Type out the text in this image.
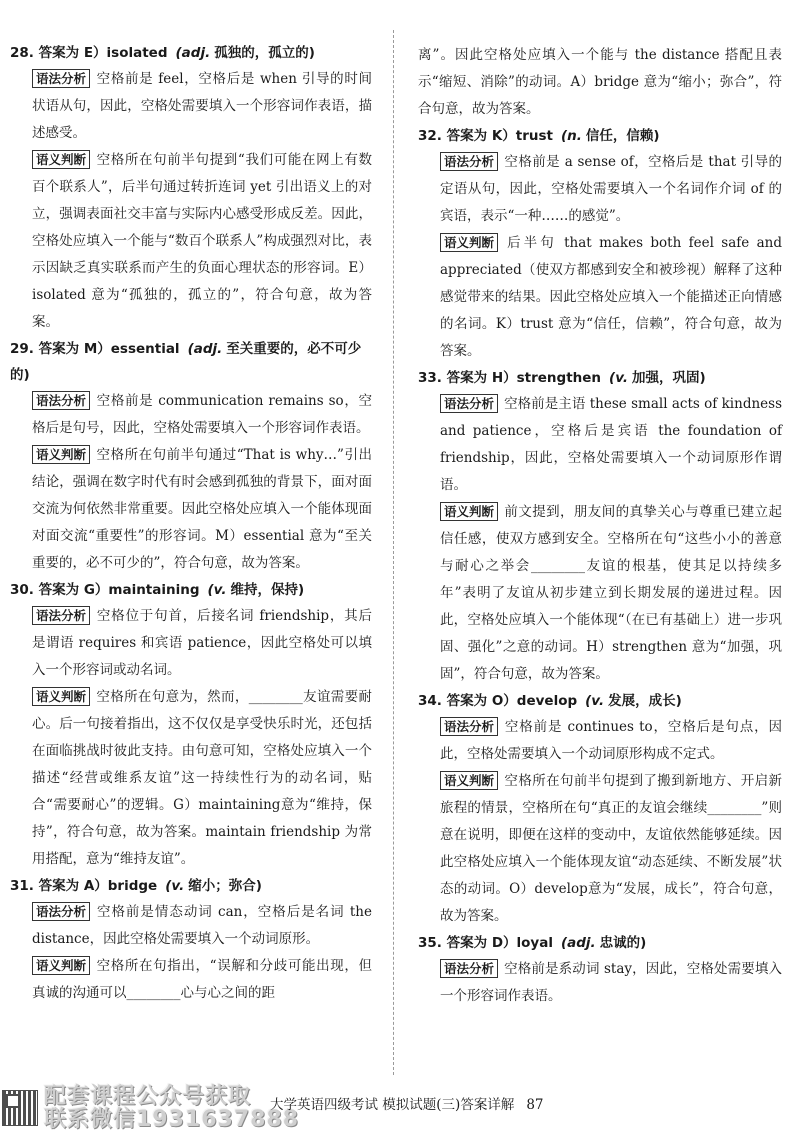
28. 答案为 E）isolated (adj. 孤独的，孤立的)

语法分析 空格前是 feel，空格后是 when 引导的时间状语从句，因此，空格处需要填入一个形容词作表语，描述感受。

语义判断 空格所在句前半句提到“我们可能在网上有数百个联系人”，后半句通过转折连词 yet 引出语义上的对立，强调表面社交丰富与实际内心感受形成反差。因此，空格处应填入一个能与“数百个联系人”构成强烈对比，表示因缺乏真实联系而产生的负面心理状态的形容词。E）isolated 意为“孤独的，孤立的”，符合句意，故为答案。

29. 答案为 M）essential (adj. 至关重要的，必不可少的)

语法分析 空格前是 communication remains so，空格后是句号，因此，空格处需要填入一个形容词作表语。

语义判断 空格所在句前半句通过“That is why…”引出结论，强调在数字时代有时会感到孤独的背景下，面对面交流为何依然非常重要。因此空格处应填入一个能体现面对面交流“重要性”的形容词。M）essential 意为“至关重要的，必不可少的”，符合句意，故为答案。

30. 答案为 G）maintaining (v. 维持，保持)

语法分析 空格位于句首，后接名词 friendship，其后是谓语 requires 和宾语 patience，因此空格处可以填入一个形容词或动名词。

语义判断 空格所在句意为，然而，________友谊需要耐心。后一句接着指出，这不仅仅是享受快乐时光，还包括在面临挑战时彼此支持。由句意可知，空格处应填入一个描述“经营或维系友谊”这一持续性行为的动名词，贴合“需要耐心”的逻辑。G）maintaining意为“维持，保持”，符合句意，故为答案。maintain friendship 为常用搭配，意为“维持友谊”。

31. 答案为 A）bridge (v. 缩小；弥合)

语法分析 空格前是情态动词 can，空格后是名词 the distance，因此空格处需要填入一个动词原形。

语义判断 空格所在句指出，“误解和分歧可能出现，但真诚的沟通可以________心与心之间的距

离”。因此空格处应填入一个能与 the distance 搭配且表示“缩短、消除”的动词。A）bridge 意为“缩小；弥合”，符合句意，故为答案。

32. 答案为 K）trust (n. 信任，信赖)

语法分析 空格前是 a sense of，空格后是 that 引导的定语从句，因此，空格处需要填入一个名词作介词 of 的宾语，表示“一种……的感觉”。

语义判断 后半句 that makes both feel safe and appreciated（使双方都感到安全和被珍视）解释了这种感觉带来的结果。因此空格处应填入一个能描述正向情感的名词。K）trust 意为“信任，信赖”，符合句意，故为答案。

33. 答案为 H）strengthen (v. 加强，巩固)

语法分析 空格前是主语 these small acts of kindness and patience，空格后是宾语 the foundation of friendship，因此，空格处需要填入一个动词原形作谓语。

语义判断 前文提到，朋友间的真挚关心与尊重已建立起信任感，使双方感到安全。空格所在句“这些小小的善意与耐心之举会________友谊的根基，使其足以持续多年”表明了友谊从初步建立到长期发展的递进过程。因此，空格处应填入一个能体现“（在已有基础上）进一步巩固、强化”之意的动词。H）strengthen 意为“加强，巩固”，符合句意，故为答案。

34. 答案为 O）develop (v. 发展，成长)

语法分析 空格前是 continues to，空格后是句点，因此，空格处需要填入一个动词原形构成不定式。

语义判断 空格所在句前半句提到了搬到新地方、开启新旅程的情景，空格所在句“真正的友谊会继续________”则意在说明，即便在这样的变动中，友谊依然能够延续。因此空格处应填入一个能体现友谊“动态延续、不断发展”状态的动词。O）develop意为“发展，成长”，符合句意，故为答案。

35. 答案为 D）loyal (adj. 忠诚的)

语法分析 空格前是系动词 stay，因此，空格处需要填入一个形容词作表语。

配套课程公众号获取
联系微信1931637888
大学英语四级考试 模拟试题(三)答案详解 87
